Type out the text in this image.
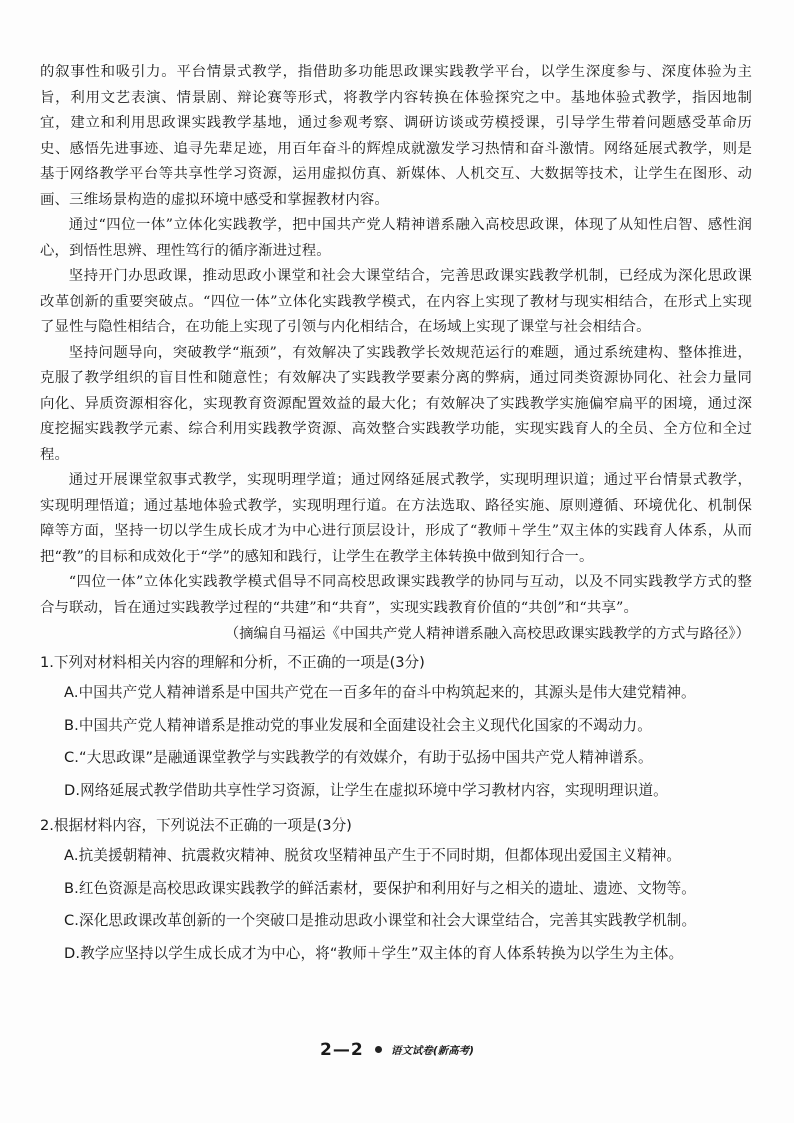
的叙事性和吸引力。平台情景式教学，指借助多功能思政课实践教学平台，以学生深度参与、深度体验为主旨，利用文艺表演、情景剧、辩论赛等形式，将教学内容转换在体验探究之中。基地体验式教学，指因地制宜，建立和利用思政课实践教学基地，通过参观考察、调研访谈或劳模授课，引导学生带着问题感受革命历史、感悟先进事迹、追寻先辈足迹，用百年奋斗的辉煌成就激发学习热情和奋斗激情。网络延展式教学，则是基于网络教学平台等共享性学习资源，运用虚拟仿真、新媒体、人机交互、大数据等技术，让学生在图形、动画、三维场景构造的虚拟环境中感受和掌握教材内容。

通过“四位一体”立体化实践教学，把中国共产党人精神谱系融入高校思政课，体现了从知性启智、感性润心，到悟性思辨、理性笃行的循序渐进过程。

坚持开门办思政课，推动思政小课堂和社会大课堂结合，完善思政课实践教学机制，已经成为深化思政课改革创新的重要突破点。“四位一体”立体化实践教学模式，在内容上实现了教材与现实相结合，在形式上实现了显性与隐性相结合，在功能上实现了引领与内化相结合，在场域上实现了课堂与社会相结合。

坚持问题导向，突破教学“瓶颈”，有效解决了实践教学长效规范运行的难题，通过系统建构、整体推进，克服了教学组织的盲目性和随意性；有效解决了实践教学要素分离的弊病，通过同类资源协同化、社会力量同向化、异质资源相容化，实现教育资源配置效益的最大化；有效解决了实践教学实施偏窄扁平的困境，通过深度挖掘实践教学元素、综合利用实践教学资源、高效整合实践教学功能，实现实践育人的全员、全方位和全过程。

通过开展课堂叙事式教学，实现明理学道；通过网络延展式教学，实现明理识道；通过平台情景式教学，实现明理悟道；通过基地体验式教学，实现明理行道。在方法选取、路径实施、原则遵循、环境优化、机制保障等方面，坚持一切以学生成长成才为中心进行顶层设计，形成了“教师＋学生”双主体的实践育人体系，从而把“教”的目标和成效化于“学”的感知和践行，让学生在教学主体转换中做到知行合一。

“四位一体”立体化实践教学模式倡导不同高校思政课实践教学的协同与互动，以及不同实践教学方式的整合与联动，旨在通过实践教学过程的“共建”和“共育”，实现实践教育价值的“共创”和“共享”。

（摘编自马福运《中国共产党人精神谱系融入高校思政课实践教学的方式与路径》）

1.下列对材料相关内容的理解和分析，不正确的一项是(3分)

A.中国共产党人精神谱系是中国共产党在一百多年的奋斗中构筑起来的，其源头是伟大建党精神。

B.中国共产党人精神谱系是推动党的事业发展和全面建设社会主义现代化国家的不竭动力。

C.“大思政课”是融通课堂教学与实践教学的有效媒介，有助于弘扬中国共产党人精神谱系。

D.网络延展式教学借助共享性学习资源，让学生在虚拟环境中学习教材内容，实现明理识道。

2.根据材料内容，下列说法不正确的一项是(3分)

A.抗美援朝精神、抗震救灾精神、脱贫攻坚精神虽产生于不同时期，但都体现出爱国主义精神。

B.红色资源是高校思政课实践教学的鲜活素材，要保护和利用好与之相关的遗址、遗迹、文物等。

C.深化思政课改革创新的一个突破口是推动思政小课堂和社会大课堂结合，完善其实践教学机制。

D.教学应坚持以学生成长成才为中心，将“教师＋学生”双主体的育人体系转换为以学生为主体。

2—2	语文试卷(新高考)
